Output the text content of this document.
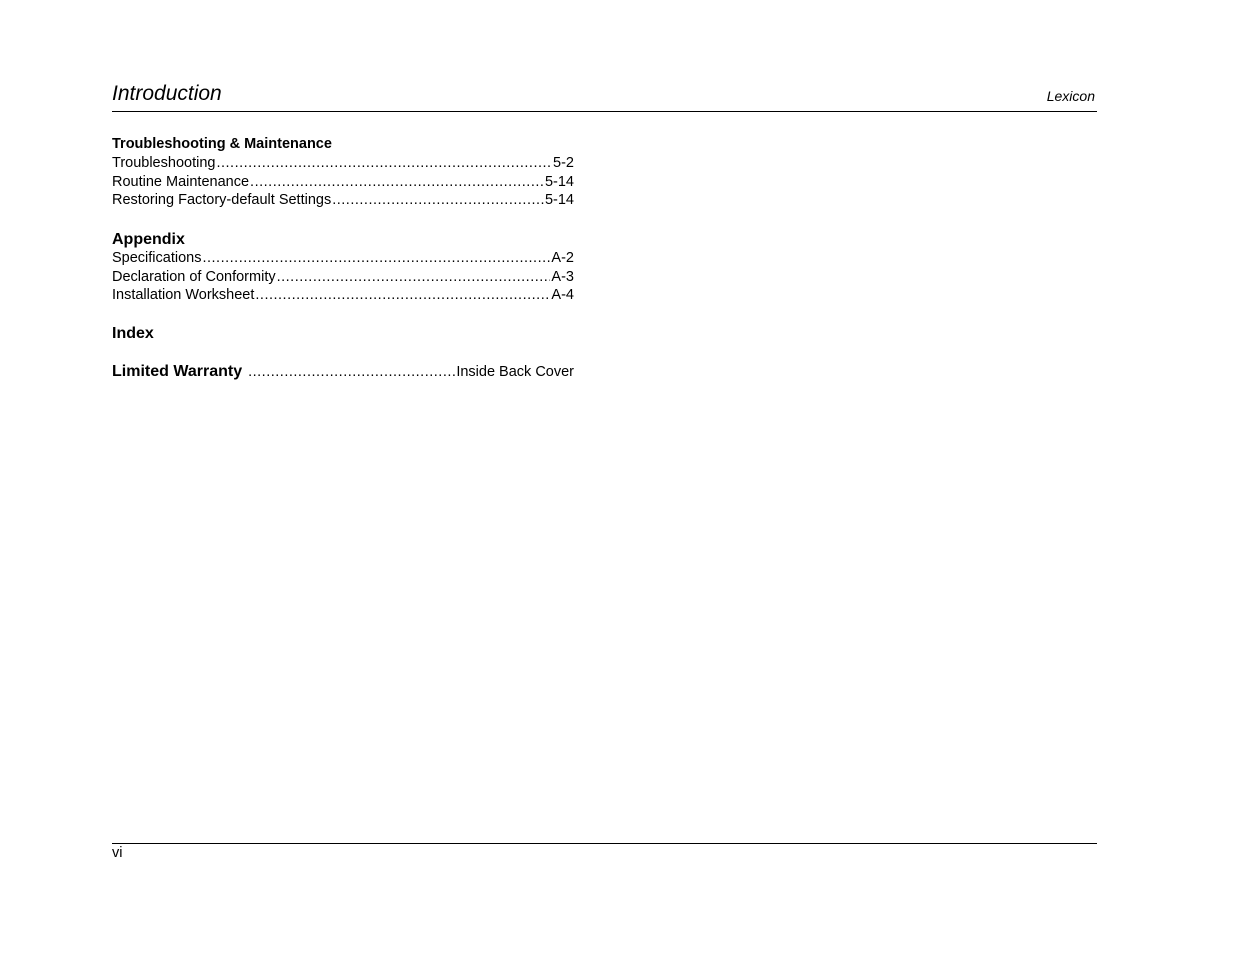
Introduction	Lexicon
Troubleshooting & Maintenance
Troubleshooting .....	5-2
Routine Maintenance .....	5-14
Restoring Factory-default Settings .....	5-14
Appendix
Specifications .....	A-2
Declaration of Conformity .....	A-3
Installation Worksheet .....	A-4
Index
Limited Warranty .....	Inside Back Cover
vi
